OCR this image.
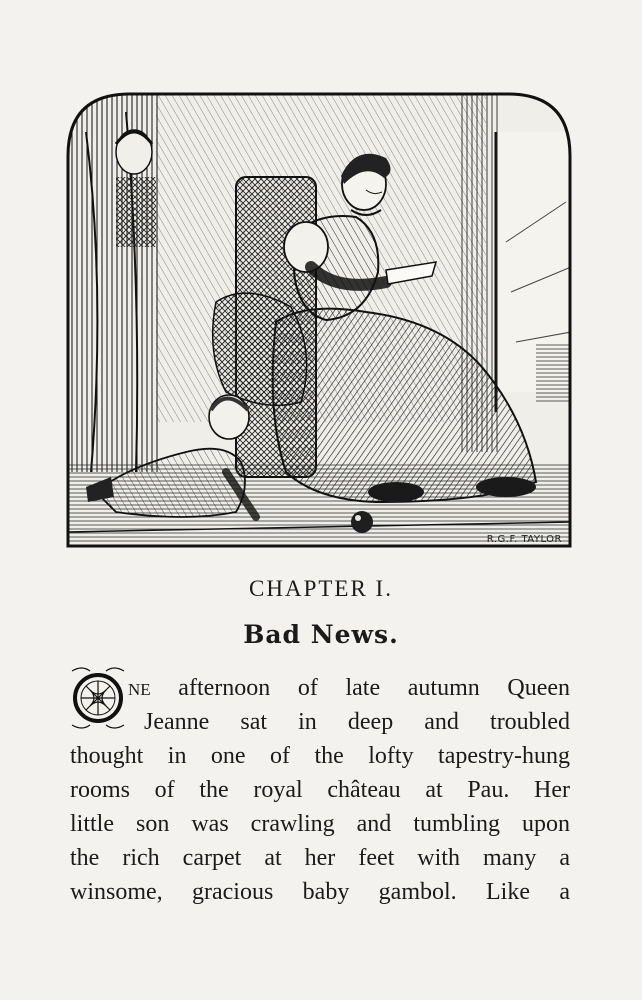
R.G.F. TAYLOR
CHAPTER I.
Bad News.
O
ne afternoon of late autumn Queen
Jeanne sat in deep and troubled
thought in one of the lofty tapestry-hung
rooms of the royal château at Pau. Her
little son was crawling and tumbling upon
the rich carpet at her feet with many a
winsome, gracious baby gambol. Like a
